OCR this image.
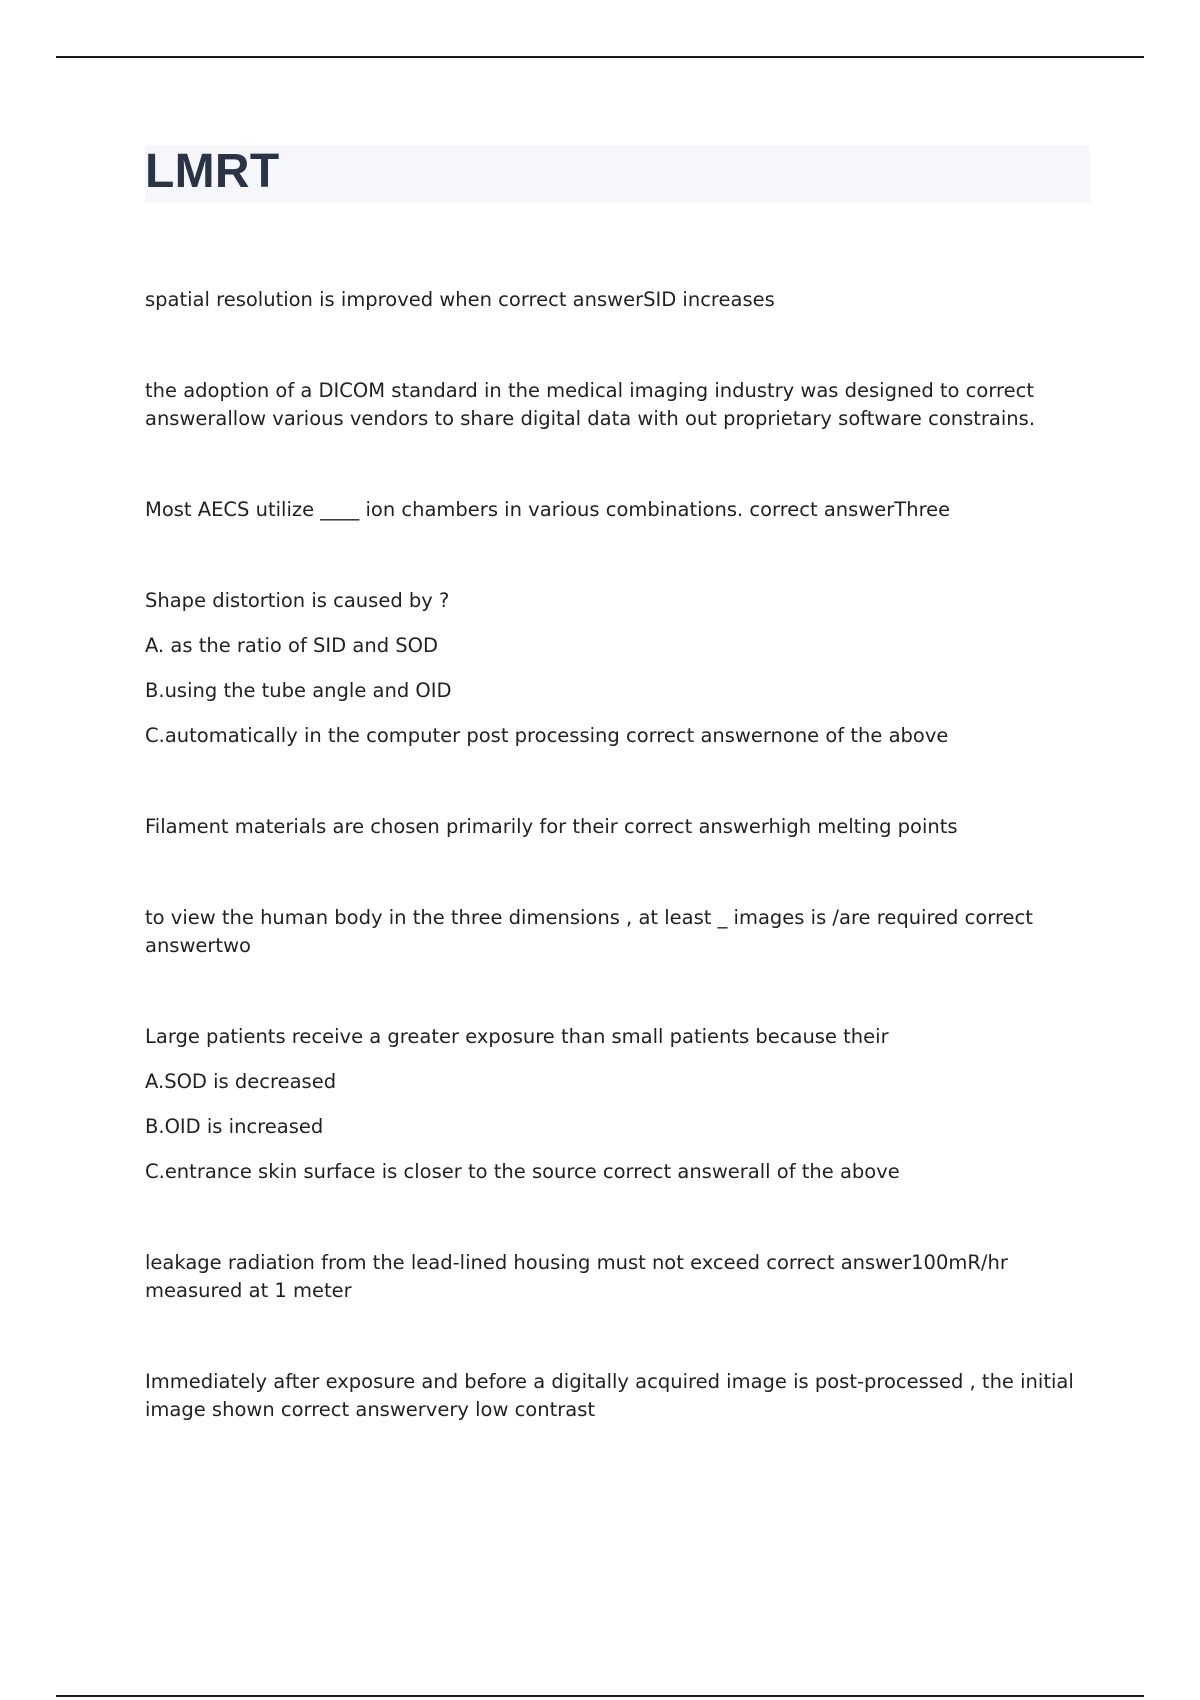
LMRT

spatial resolution is improved when correct answerSID increases

the adoption of a DICOM standard in the medical imaging industry was designed to correct answerallow various vendors to share digital data with out proprietary software constrains.

Most AECS utilize ____ ion chambers in various combinations. correct answerThree

Shape distortion is caused by ?

A. as the ratio of SID and SOD

B.using the tube angle and OID

C.automatically in the computer post processing correct answernone of the above

Filament materials are chosen primarily for their correct answerhigh melting points

to view the human body in the three dimensions , at least _ images is /are required correct answertwo

Large patients receive a greater exposure than small patients because their

A.SOD is decreased

B.OID is increased

C.entrance skin surface is closer to the source correct answerall of the above

leakage radiation from the lead-lined housing must not exceed correct answer100mR/hr measured at 1 meter

Immediately after exposure and before a digitally acquired image is post-processed , the initial image shown correct answervery low contrast
